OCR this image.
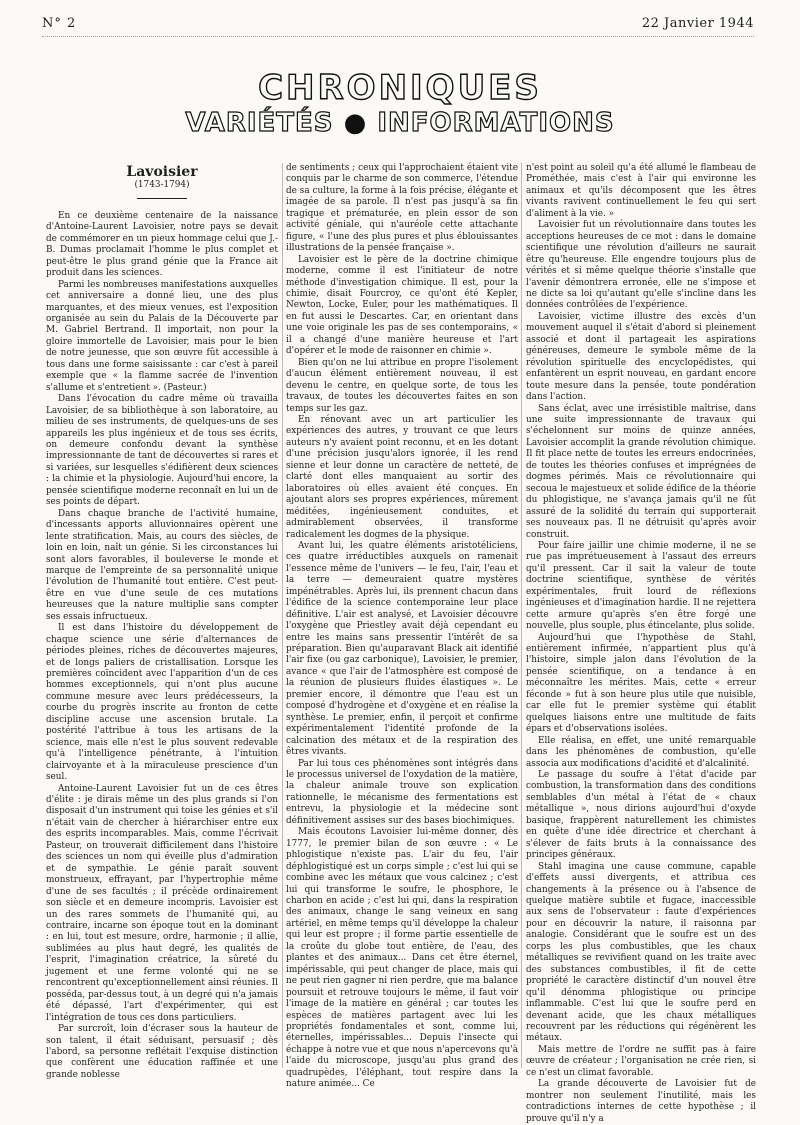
N° 2	22 Janvier 1944
CHRONIQUES
VARIÉTÉS ● INFORMATIONS
Lavoisier
(1743-1794)

En ce deuxième centenaire de la naissance d'Antoine-Laurent Lavoisier, notre pays se devait de commémorer en un pieux hommage celui que J.-B. Dumas proclamait l'homme le plus complet et peut-être le plus grand génie que la France ait produit dans les sciences.

Parmi les nombreuses manifestations auxquelles cet anniversaire a donné lieu, une des plus marquantes, et des mieux venues, est l'exposition organisée au sein du Palais de la Découverte par M. Gabriel Bertrand. Il importait, non pour la gloire immortelle de Lavoisier, mais pour le bien de notre jeunesse, que son œuvre fût accessible à tous dans une forme saisissante : car c'est à pareil exemple que « la flamme sacrée de l'invention s'allume et s'entretient ». (Pasteur.)

Dans l'évocation du cadre même où travailla Lavoisier, de sa bibliothèque à son laboratoire, au milieu de ses instruments, de quelques-uns de ses appareils les plus ingénieux et de tous ses écrits, on demeure confondu devant la synthèse impressionnante de tant de découvertes si rares et si variées, sur lesquelles s'édifièrent deux sciences : la chimie et la physiologie. Aujourd'hui encore, la pensée scientifique moderne reconnaît en lui un de ses points de départ.

Dans chaque branche de l'activité humaine, d'incessants apports alluvionnaires opèrent une lente stratification. Mais, au cours des siècles, de loin en loin, naît un génie. Si les circonstances lui sont alors favorables, il bouleverse le monde et marque de l'empreinte de sa personnalité unique l'évolution de l'humanité tout entière. C'est peut-être en vue d'une seule de ces mutations heureuses que la nature multiplie sans compter ses essais infructueux.

Il est dans l'histoire du développement de chaque science une série d'alternances de périodes pleines, riches de découvertes majeures, et de longs paliers de cristallisation. Lorsque les premières coïncident avec l'apparition d'un de ces hommes exceptionnels, qui n'ont plus aucune commune mesure avec leurs prédécesseurs, la courbe du progrès inscrite au fronton de cette discipline accuse une ascension brutale. La postérité l'attribue à tous les artisans de la science, mais elle n'est le plus souvent redevable qu'à l'intelligence pénétrante, à l'intuition clairvoyante et à la miraculeuse prescience d'un seul.

Antoine-Laurent Lavoisier fut un de ces êtres d'élite : je dirais même un des plus grands si l'on disposait d'un instrument qui toise les génies et s'il n'était vain de chercher à hiérarchiser entre eux des esprits incomparables. Mais, comme l'écrivait Pasteur, on trouverait difficilement dans l'histoire des sciences un nom qui éveille plus d'admiration et de sympathie. Le génie paraît souvent monstrueux, effrayant, par l'hypertrophie même d'une de ses facultés ; il précède ordinairement son siècle et en demeure incompris. Lavoisier est un des rares sommets de l'humanité qui, au contraire, incarne son époque tout en la dominant : en lui, tout est mesure, ordre, harmonie ; il allie, sublimées au plus haut degré, les qualités de l'esprit, l'imagination créatrice, la sûreté du jugement et une ferme volonté qui ne se rencontrent qu'exceptionnellement ainsi réunies. Il posséda, par-dessus tout, à un degré qui n'a jamais été dépassé, l'art d'expérimenter, qui est l'intégration de tous ces dons particuliers.

Par surcroît, loin d'écraser sous la hauteur de son talent, il était séduisant, persuasif ; dès l'abord, sa personne reflétait l'exquise distinction que confèrent une éducation raffinée et une grande noblesse

de sentiments ; ceux qui l'approchaient étaient vite conquis par le charme de son commerce, l'étendue de sa culture, la forme à la fois précise, élégante et imagée de sa parole. Il n'est pas jusqu'à sa fin tragique et prématurée, en plein essor de son activité géniale, qui n'auréole cette attachante figure, « l'une des plus pures et plus éblouissantes illustrations de la pensée française ».

Lavoisier est le père de la doctrine chimique moderne, comme il est l'initiateur de notre méthode d'investigation chimique. Il est, pour la chimie, disait Fourcroy, ce qu'ont été Kepler, Newton, Locke, Euler, pour les mathématiques. Il en fut aussi le Descartes. Car, en orientant dans une voie originale les pas de ses contemporains, « il a changé d'une manière heureuse et l'art d'opérer et le mode de raisonner en chimie ».

Bien qu'on ne lui attribue en propre l'isolement d'aucun élément entièrement nouveau, il est devenu le centre, en quelque sorte, de tous les travaux, de toutes les découvertes faites en son temps sur les gaz.

En rénovant avec un art particulier les expériences des autres, y trouvant ce que leurs auteurs n'y avaient point reconnu, et en les dotant d'une précision jusqu'alors ignorée, il les rend sienne et leur donne un caractère de netteté, de clarté dont elles manquaient au sortir des laboratoires où elles avaient été conçues. En ajoutant alors ses propres expériences, mûrement méditées, ingénieusement conduites, et admirablement observées, il transforme radicalement les dogmes de la physique.

Avant lui, les quatre éléments aristotéliciens, ces quatre irréductibles auxquels on ramenait l'essence même de l'univers — le feu, l'air, l'eau et la terre — demeuraient quatre mystères impénétrables. Après lui, ils prennent chacun dans l'édifice de la science contemporaine leur place définitive. L'air est analysé, et Lavoisier découvre l'oxygène que Priestley avait déjà cependant eu entre les mains sans pressentir l'intérêt de sa préparation. Bien qu'auparavant Black ait identifié l'air fixe (ou gaz carbonique), Lavoisier, le premier, avance « que l'air de l'atmosphère est composé de la réunion de plusieurs fluides élastiques ». Le premier encore, il démontre que l'eau est un composé d'hydrogène et d'oxygène et en réalise la synthèse. Le premier, enfin, il perçoit et confirme expérimentalement l'identité profonde de la calcination des métaux et de la respiration des êtres vivants.

Par lui tous ces phénomènes sont intégrés dans le processus universel de l'oxydation de la matière, la chaleur animale trouve son explication rationnelle, le mécanisme des fermentations est entrevu, la physiologie et la médecine sont définitivement assises sur des bases biochimiques.

Mais écoutons Lavoisier lui-même donner, dès 1777, le premier bilan de son œuvre : « Le phlogistique n'existe pas. L'air du feu, l'air déphlogistiqué est un corps simple ; c'est lui qui se combine avec les métaux que vous calcinez ; c'est lui qui transforme le soufre, le phosphore, le charbon en acide ; c'est lui qui, dans la respiration des animaux, change le sang veineux en sang artériel, en même temps qu'il développe la chaleur qui leur est propre ; il forme partie essentielle de la croûte du globe tout entière, de l'eau, des plantes et des animaux... Dans cet être éternel, impérissable, qui peut changer de place, mais qui ne peut rien gagner ni rien perdre, que ma balance poursuit et retrouve toujours le même, il faut voir l'image de la matière en général ; car toutes les espèces de matières partagent avec lui les propriétés fondamentales et sont, comme lui, éternelles, impérissables... Depuis l'insecte qui échappe à notre vue et que nous n'apercevons qu'à l'aide du microscope, jusqu'au plus grand des quadrupèdes, l'éléphant, tout respire dans la nature animée... Ce

n'est point au soleil qu'a été allumé le flambeau de Prométhée, mais c'est à l'air qui environne les animaux et qu'ils décomposent que les êtres vivants ravivent continuellement le feu qui sert d'aliment à la vie. »

Lavoisier fut un révolutionnaire dans toutes les acceptions heureuses de ce mot : dans le domaine scientifique une révolution d'ailleurs ne saurait être qu'heureuse. Elle engendre toujours plus de vérités et si même quelque théorie s'installe que l'avenir démontrera erronée, elle ne s'impose et ne dicte sa loi qu'autant qu'elle s'incline dans les données contrôlées de l'expérience.

Lavoisier, victime illustre des excès d'un mouvement auquel il s'était d'abord si pleinement associé et dont il partageait les aspirations généreuses, demeure le symbole même de la révolution spirituelle des encyclopédistes, qui enfantèrent un esprit nouveau, en gardant encore toute mesure dans la pensée, toute pondération dans l'action.

Sans éclat, avec une irrésistible maîtrise, dans une suite impressionnante de travaux qui s'échelonnent sur moins de quinze années, Lavoisier accomplit la grande révolution chimique. Il fit place nette de toutes les erreurs endocrinées, de toutes les théories confuses et imprégnées de dogmes périmés. Mais ce révolutionnaire qui secoua le majestueux et solide édifice de la théorie du phlogistique, ne s'avança jamais qu'il ne fût assuré de la solidité du terrain qui supporterait ses nouveaux pas. Il ne détruisit qu'après avoir construit.

Pour faire jaillir une chimie moderne, il ne se rue pas imprétueusement à l'assaut des erreurs qu'il pressent. Car il sait la valeur de toute doctrine scientifique, synthèse de vérités expérimentales, fruit lourd de réflexions ingénieuses et d'imagination hardie. Il ne rejettera cette armure qu'après s'en être forgé une nouvelle, plus souple, plus étincelante, plus solide.

Aujourd'hui que l'hypothèse de Stahl, entièrement infirmée, n'appartient plus qu'à l'histoire, simple jalon dans l'évolution de la pensée scientifique, on a tendance à en méconnaître les mérites. Mais, cette « erreur féconde » fut à son heure plus utile que nuisible, car elle fut le premier système qui établit quelques liaisons entre une multitude de faits épars et d'observations isolées.

Elle réalisa, en effet, une unité remarquable dans les phénomènes de combustion, qu'elle associa aux modifications d'acidité et d'alcalinité.

Le passage du soufre à l'état d'acide par combustion, la transformation dans des conditions semblables d'un métal à l'état de « chaux métallique », nous dirions aujourd'hui d'oxyde basique, frappèrent naturellement les chimistes en quête d'une idée directrice et cherchant à s'élever de faits bruts à la connaissance des principes généraux.

Stahl imagina une cause commune, capable d'effets aussi divergents, et attribua ces changements à la présence ou à l'absence de quelque matière subtile et fugace, inaccessible aux sens de l'observateur : faute d'expériences pour en découvrir la nature, il raisonna par analogie. Considérant que le soufre est un des corps les plus combustibles, que les chaux métalliques se revivifient quand on les traite avec des substances combustibles, il fit de cette propriété le caractère distinctif d'un nouvel être qu'il dénomma phlogistique ou principe inflammable. C'est lui que le soufre perd en devenant acide, que les chaux métalliques recouvrent par les réductions qui régénèrent les métaux.

Mais mettre de l'ordre ne suffit pas à faire œuvre de créateur ; l'organisation ne crée rien, si ce n'est un climat favorable.

La grande découverte de Lavoisier fut de montrer non seulement l'inutilité, mais les contradictions internes de cette hypothèse ; il prouve qu'il n'y a
